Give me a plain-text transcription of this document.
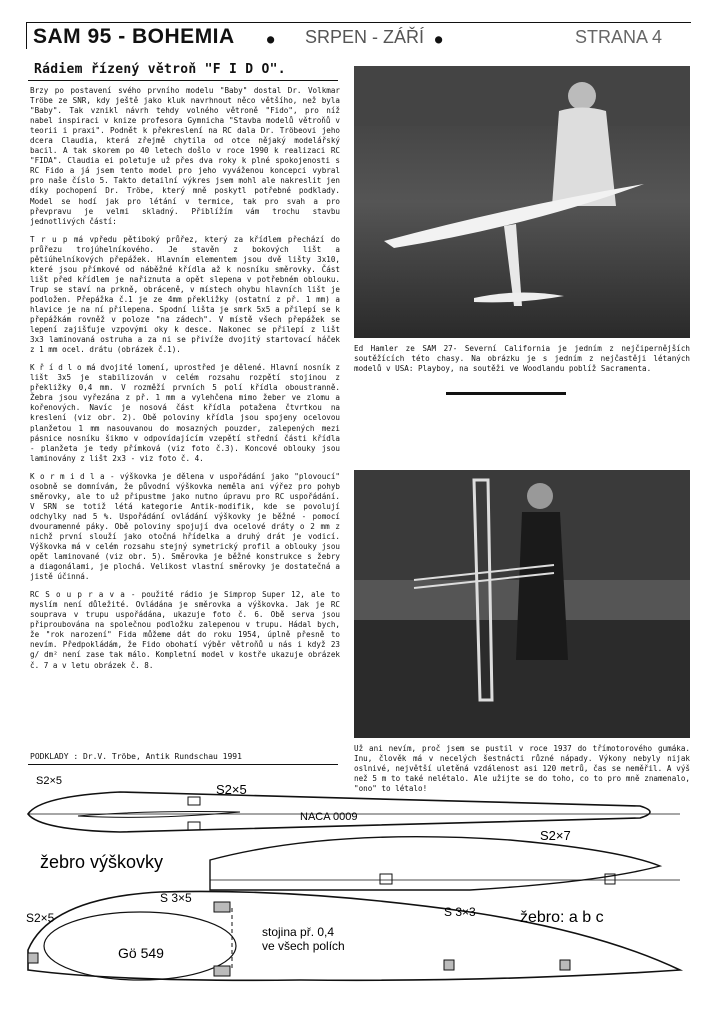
SAM 95 - BOHEMIA	● SRPEN - ZÁŘÍ ●	STRANA 4
Rádiem řízený větroň "F I D O".

Brzy po postavení svého prvního modelu "Baby" dostal Dr. Volkmar Tröbe ze SNR, kdy ještě jako kluk navrhnout něco většího, než byla "Baby". Tak vznikl návrh tehdy volného větroně "Fido", pro níž nabel inspiraci v knize profesora Gymnicha "Stavba modelů větroňů v teorii i praxi". Podnět k překreslení na RC dala Dr. Tröbeovi jeho dcera Claudia, která zřejmě chytila od otce nějaký modelářský bacil. A tak skorem po 40 letech došlo v roce 1990 k realizaci RC "FIDA". Claudia ei poletuje už přes dva roky k plné spokojenosti s RC Fido a já jsem tento model pro jeho vyváženou koncepci vybral pro naše číslo 5. Takto detailní výkres jsem mohl ale nakreslit jen díky pochopení Dr. Tröbe, který mně poskytl potřebné podklady. Model se hodí jak pro létání v termice, tak pro svah a pro převpravu je velmi skladný. Přiblížím vám trochu stavbu jednotlivých částí:

T r u p má vpředu pětiboký průřez, který za křídlem přechází do průřezu trojúhelníkového. Je stavěn z bokových lišt a pětiúhelníkových přepážek. Hlavním elementem jsou dvě lišty 3x10, které jsou přímkové od náběžné křídla až k nosníku směrovky. Část lišt před křídlem je nařiznuta a opět slepena v potřebném oblouku. Trup se staví na prkně, obráceně, v místech ohybu hlavních lišt je podložen. Přepážka č.1 je ze 4mm překližky (ostatní z př. 1 mm) a hlavice je na ní přilepena. Spodní lišta je smrk 5x5 a přilepí se k přepážkám rovněž v poloze "na zádech". V místě všech přepážek se lepení zajišťuje vzpovými oky k desce. Nakonec se přilepí z lišt 3x3 laminovaná ostruha a za ni se přivíže dvojitý startovací háček z 1 mm ocel. drátu (obrázek č.1).

K ř í d l o má dvojité lomení, uprostřed je dělené. Hlavní nosník z lišt 3x5 je stabilizován v celém rozsahu rozpětí stojinou z překližky 0,4 mm. V rozměží prvních 5 polí křídla oboustranně. Žebra jsou vyřezána z př. 1 mm a vylehčena mimo žeber ve zlomu a kořenových. Navíc je nosová část křídla potažena čtvrtkou na kreslení (viz obr. 2). Obě poloviny křídla jsou spojeny ocelovou planžetou 1 mm nasouvanou do mosazných pouzder, zalepených mezi pásnice nosníku šikmo v odpovídajícím vzepětí střední části křídla - planžeta je tedy přímková (viz foto č.3). Koncové oblouky jsou laminovány z lišt 2x3 - viz foto č. 4.

K o r m i d l a - výškovka je dělena v uspořádání jako "plovoucí" osobně se domnívám, že původní výškovka neměla ani výřez pro pohyb směrovky, ale to už připustme jako nutno úpravu pro RC uspořádání. V SRN se totiž létá kategorie Antik-modifik, kde se povolují odchylky nad 5 %. Uspořádání ovládání výškovky je běžné - pomocí dvouramenné páky. Obě poloviny spojují dva ocelové dráty o 2 mm z nichž první slouží jako otočná hřídelka a druhý drát je vodicí. Výškovka má v celém rozsahu stejný symetrický profil a oblouky jsou opět laminované (viz obr. 5). Směrovka je běžné konstrukce s žebry a diagonálami, je plochá. Velikost vlastní směrovky je dostatečná a jistě účinná.

RC S o u p r a v a - použité rádio je Simprop Super 12, ale to myslím není důležité. Ovládána je směrovka a výškovka. Jak je RC souprava v trupu uspořádána, ukazuje foto č. 6. Obě serva jsou připroubována na společnou podložku zalepenou v trupu. Hádal bych, že "rok narození" Fida můžeme dát do roku 1954, úplně přesně to nevím. Předpokládám, že Fido obohatí výběr větroňů u nás i když 23 g/ dm² není zase tak málo. Kompletní model v kostře ukazuje obrázek č. 7 a v letu obrázek č. 8.

PODKLADY : Dr.V. Tröbe, Antik Rundschau 1991
Ed Hamler ze SAM 27- Severní California je jedním z nejčipernějších soutěžících této chasy. Na obrázku je s jedním z nejčastěji létaných modelů v USA: Playboy, na soutěži ve Woodlandu poblíž Sacramenta.
Už ani nevím, proč jsem se pustil v roce 1937 do třímotorového gumáka. Inu, člověk má v necelých šestnácti různé nápady. Výkony nebyly nijak oslnivé, největší uletěná vzdálenost asi 120 metrů, čas se neměřil. A výš než 5 m to také nelétalo. Ale užijte se do toho, co to pro mně znamenalo, "ono" to létalo!
S2×5
S2×5
NACA 0009
S2×7
žebro výškovky
S 3×5
S2×5	S 3×3	žebro: a b c
stojina př. 0,4
ve všech polích
Gö 549
